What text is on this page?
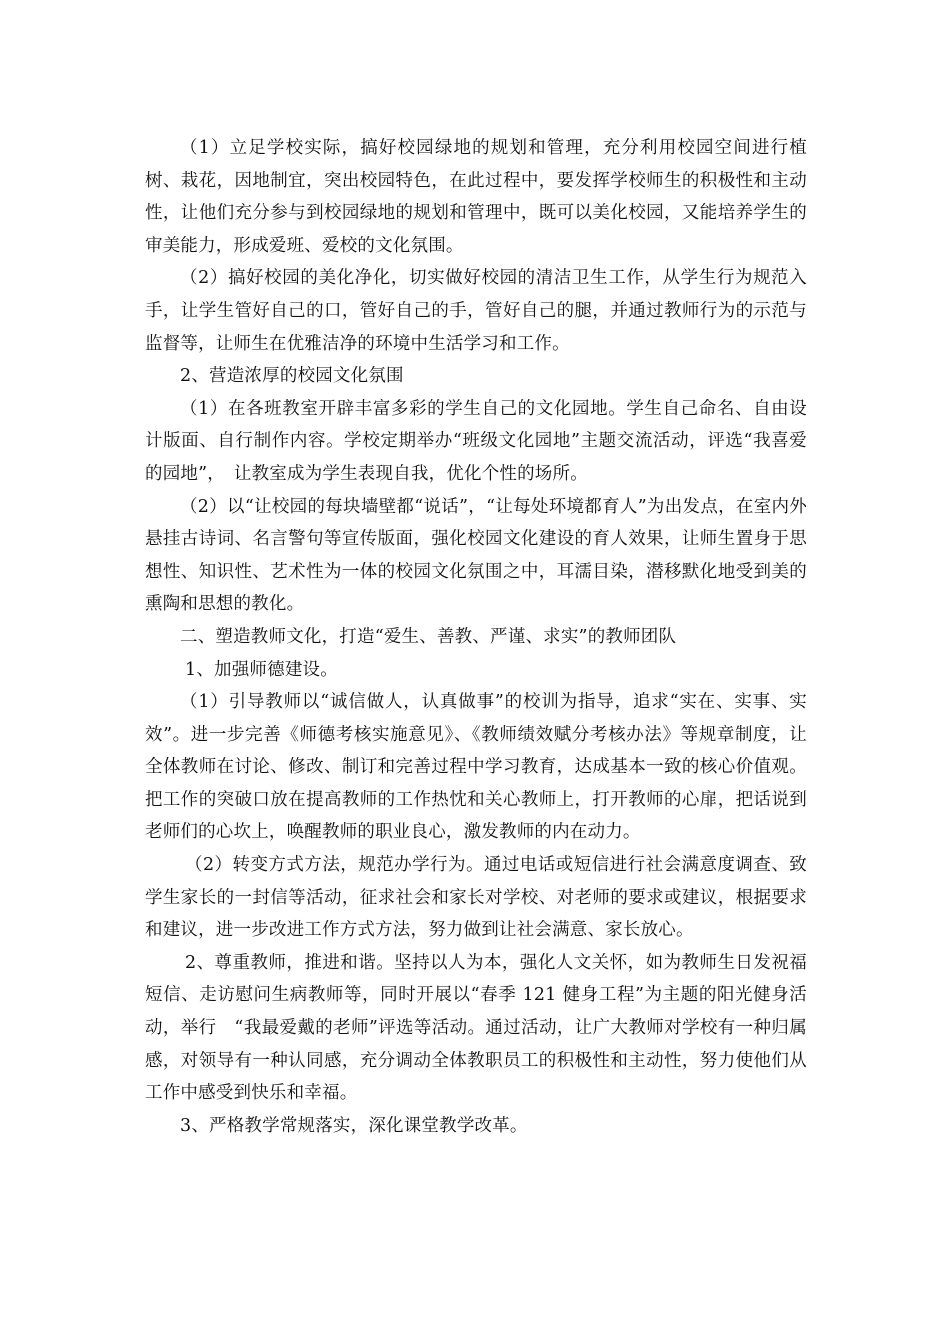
（1）立足学校实际，搞好校园绿地的规划和管理，充分利用校园空间进行植树、栽花，因地制宜，突出校园特色，在此过程中，要发挥学校师生的积极性和主动性，让他们充分参与到校园绿地的规划和管理中，既可以美化校园，又能培养学生的审美能力，形成爱班、爱校的文化氛围。

（2）搞好校园的美化净化，切实做好校园的清洁卫生工作，从学生行为规范入手，让学生管好自己的口，管好自己的手，管好自己的腿，并通过教师行为的示范与监督等，让师生在优雅洁净的环境中生活学习和工作。

2、营造浓厚的校园文化氛围

（1）在各班教室开辟丰富多彩的学生自己的文化园地。学生自己命名、自由设计版面、自行制作内容。学校定期举办“班级文化园地”主题交流活动，评选“我喜爱的园地”，　让教室成为学生表现自我，优化个性的场所。

（2）以“让校园的每块墙壁都“说话”，“让每处环境都育人”为出发点，在室内外悬挂古诗词、名言警句等宣传版面，强化校园文化建设的育人效果，让师生置身于思想性、知识性、艺术性为一体的校园文化氛围之中，耳濡目染，潜移默化地受到美的熏陶和思想的教化。

二、塑造教师文化，打造“爱生、善教、严谨、求实”的教师团队

1、加强师德建设。

（1）引导教师以“诚信做人，认真做事”的校训为指导，追求“实在、实事、实效”。进一步完善《师德考核实施意见》、《教师绩效赋分考核办法》等规章制度，让全体教师在讨论、修改、制订和完善过程中学习教育，达成基本一致的核心价值观。把工作的突破口放在提高教师的工作热忱和关心教师上，打开教师的心扉，把话说到老师们的心坎上，唤醒教师的职业良心，激发教师的内在动力。

（2）转变方式方法，规范办学行为。通过电话或短信进行社会满意度调查、致学生家长的一封信等活动，征求社会和家长对学校、对老师的要求或建议，根据要求和建议，进一步改进工作方式方法，努力做到让社会满意、家长放心。

2、尊重教师，推进和谐。坚持以人为本，强化人文关怀，如为教师生日发祝福短信、走访慰问生病教师等，同时开展以“春季 121 健身工程”为主题的阳光健身活动，举行　“我最爱戴的老师”评选等活动。通过活动，让广大教师对学校有一种归属感，对领导有一种认同感，充分调动全体教职员工的积极性和主动性，努力使他们从工作中感受到快乐和幸福。

3、严格教学常规落实，深化课堂教学改革。
